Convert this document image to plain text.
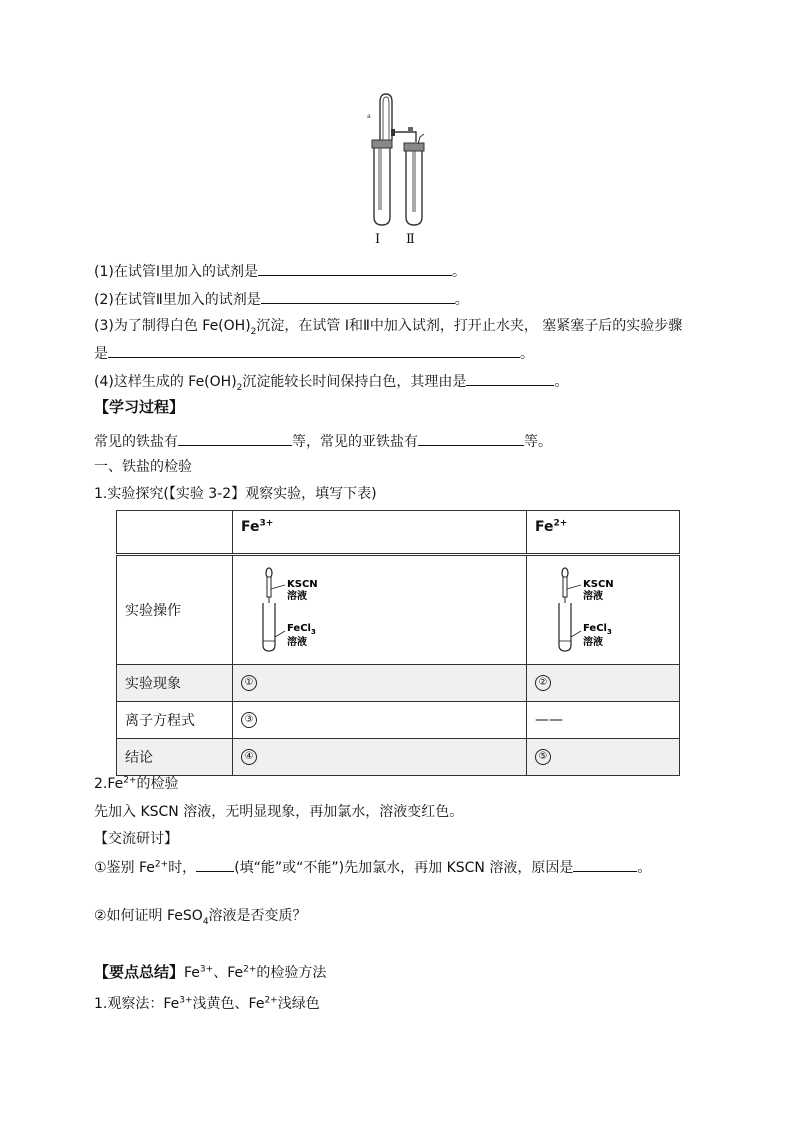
a
Ⅰ Ⅱ
(1)在试管Ⅰ里加入的试剂是	。
(2)在试管Ⅱ里加入的试剂是	。
(3)为了制得白色 $Fe(OH)_2$沉淀，在试管 Ⅰ和Ⅱ中加入试剂，打开止水夹， 塞紧塞子后的实验步骤
是	。
(4)这样生成的 $Fe(OH)_2$沉淀能较长时间保持白色，其理由是	。
【学习过程】
常见的铁盐有	等，常见的亚铁盐有	等。
一、铁盐的检验
1.实验探究(【实验 3-2】观察实验，填写下表)
	$Fe^{3+}$	$Fe^{2+}$
实验操作	KSCN
溶液
FeCl$_3$
溶液	KSCN
溶液
FeCl$_3$
溶液

实验现象	①	②
离子方程式	③	——
结论	④	⑤
$2.Fe^{2+}$的检验
先加入 KSCN 溶液，无明显现象，再加氯水，溶液变红色。
【交流研讨】
①鉴别 $Fe^{2+}$时，	(填“能”或“不能”)先加氯水，再加 KSCN 溶液，原因是	。
②如何证明 FeSO$_4$溶液是否变质？
【要点总结】$Fe^{3+}$、$Fe^{2+}$的检验方法
1.观察法：$Fe^{3+}$浅黄色、$Fe^{2+}$浅绿色
